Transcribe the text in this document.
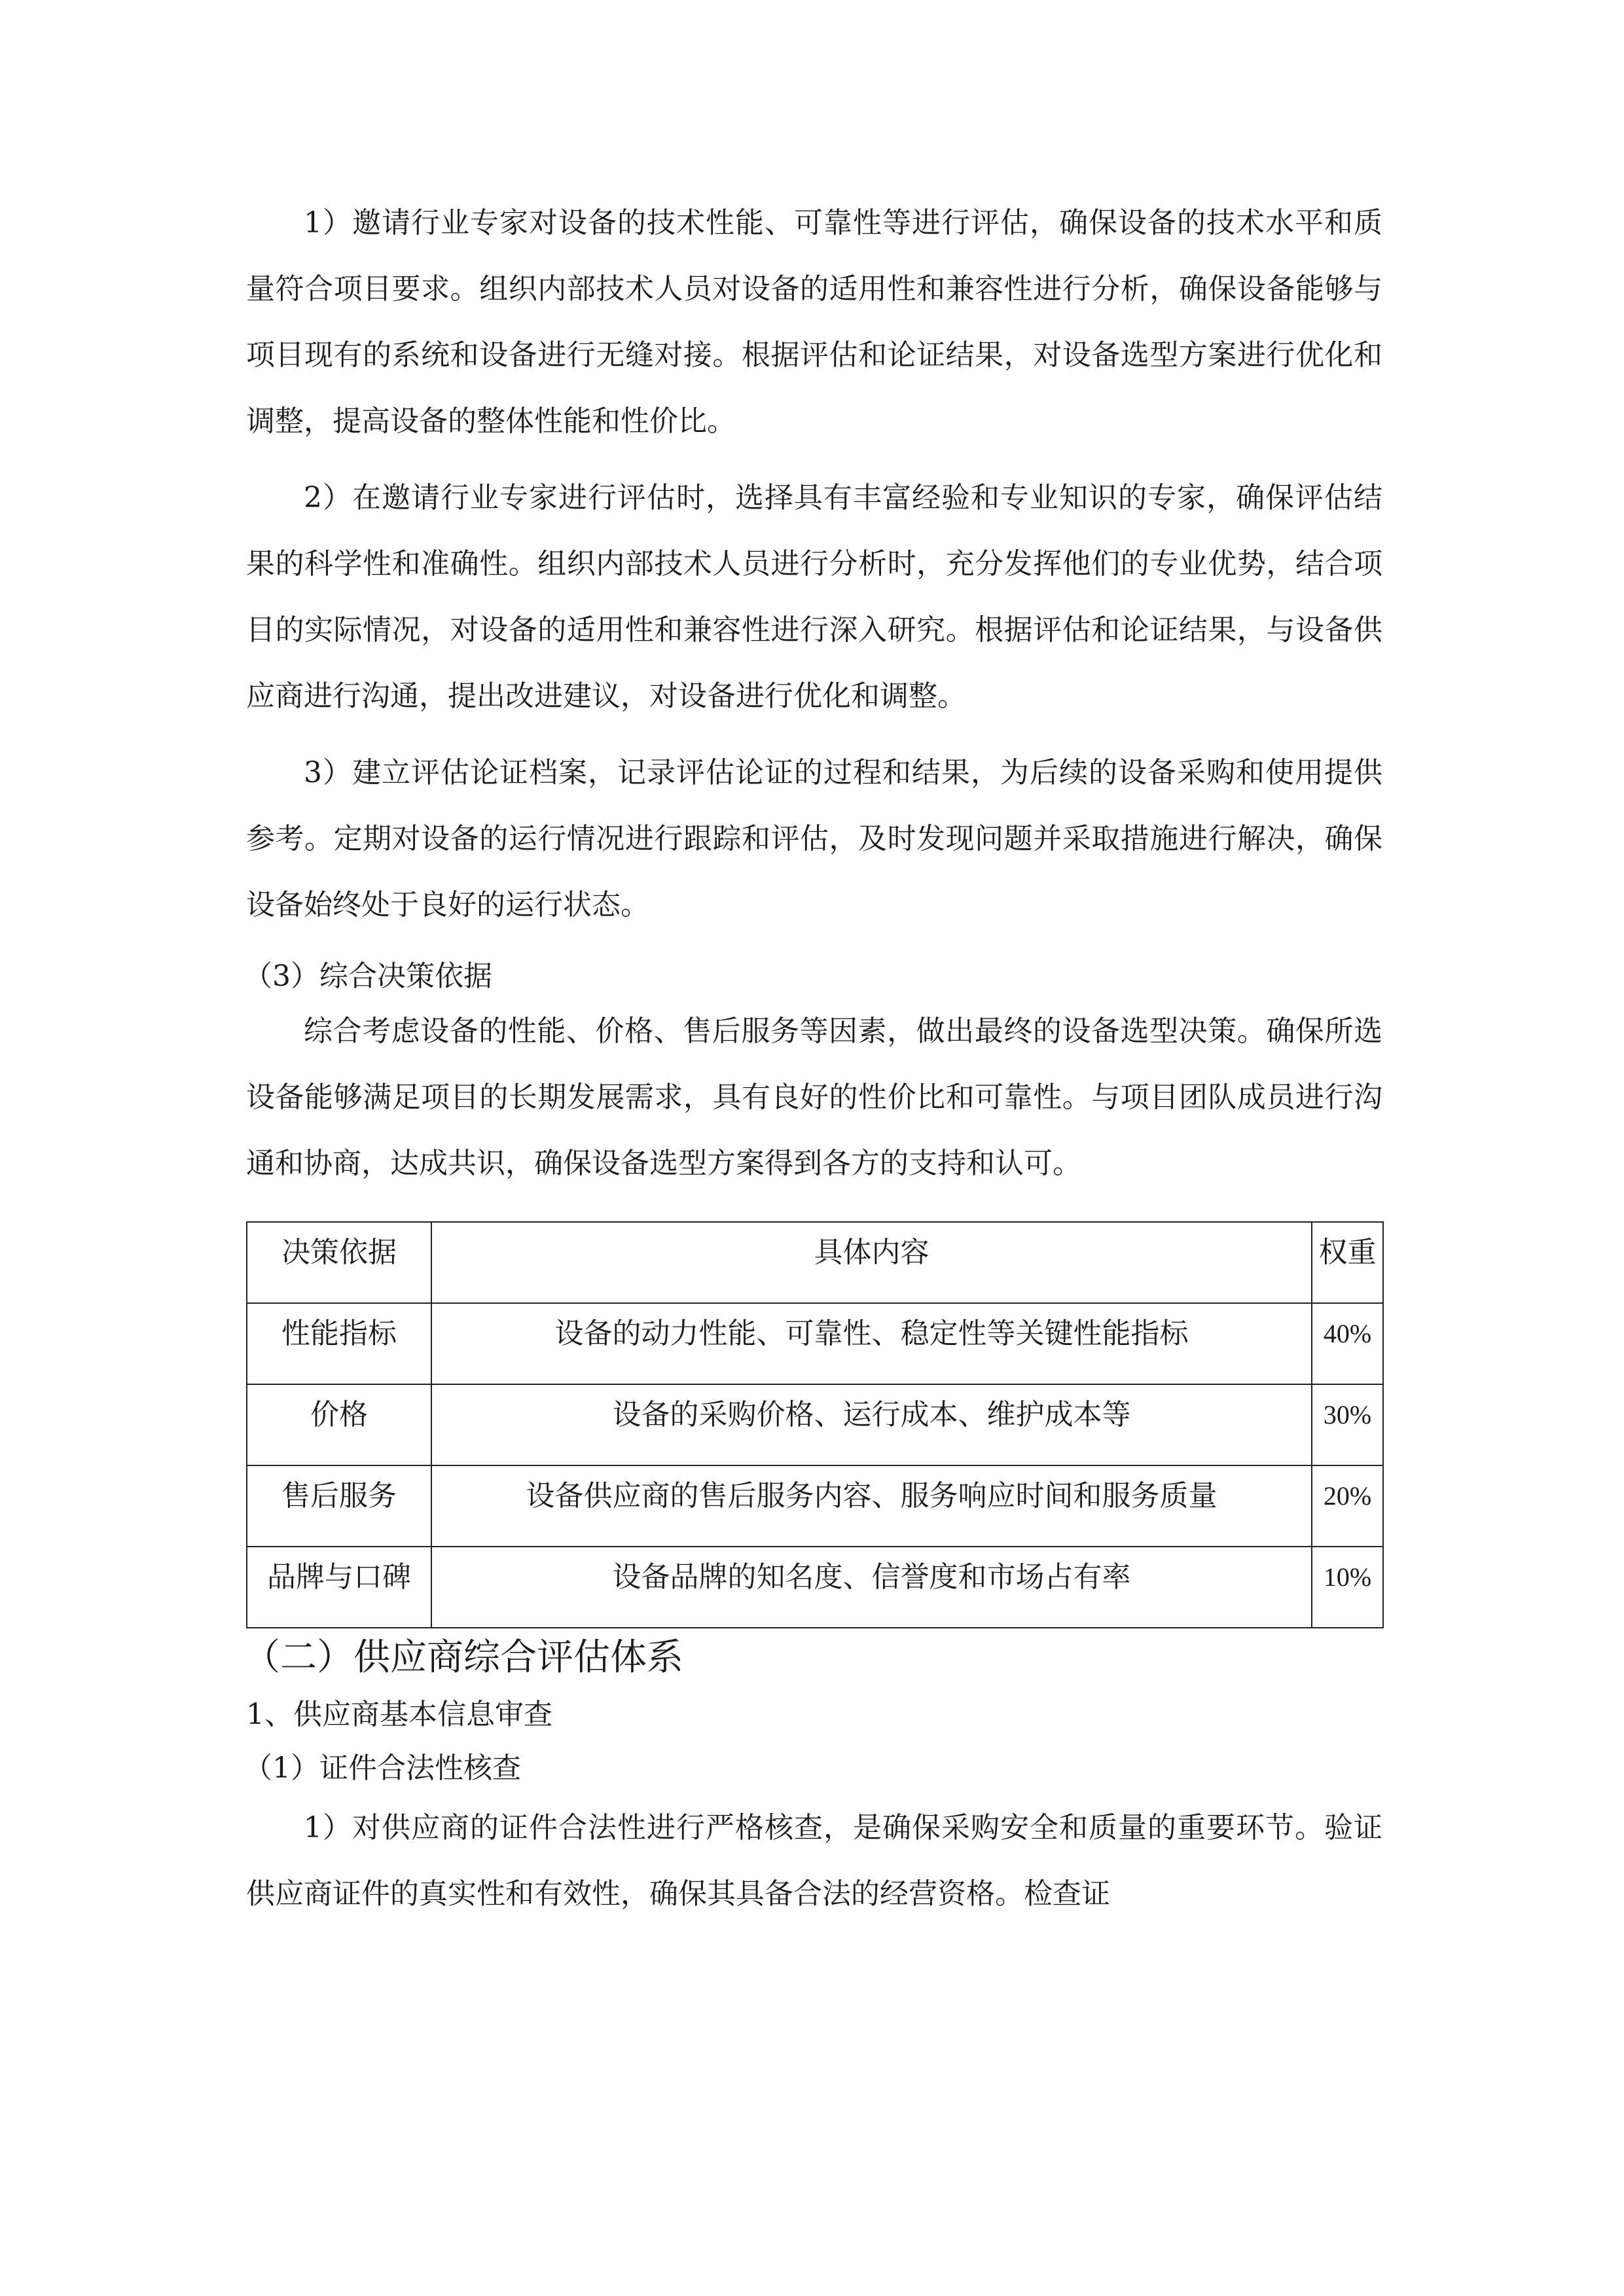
1）邀请行业专家对设备的技术性能、可靠性等进行评估，确保设备的技术水平和质量符合项目要求。组织内部技术人员对设备的适用性和兼容性进行分析，确保设备能够与项目现有的系统和设备进行无缝对接。根据评估和论证结果，对设备选型方案进行优化和调整，提高设备的整体性能和性价比。

2）在邀请行业专家进行评估时，选择具有丰富经验和专业知识的专家，确保评估结果的科学性和准确性。组织内部技术人员进行分析时，充分发挥他们的专业优势，结合项目的实际情况，对设备的适用性和兼容性进行深入研究。根据评估和论证结果，与设备供应商进行沟通，提出改进建议，对设备进行优化和调整。

3）建立评估论证档案，记录评估论证的过程和结果，为后续的设备采购和使用提供参考。定期对设备的运行情况进行跟踪和评估，及时发现问题并采取措施进行解决，确保设备始终处于良好的运行状态。

（3）综合决策依据

综合考虑设备的性能、价格、售后服务等因素，做出最终的设备选型决策。确保所选设备能够满足项目的长期发展需求，具有良好的性价比和可靠性。与项目团队成员进行沟通和协商，达成共识，确保设备选型方案得到各方的支持和认可。

决策依据	具体内容	权重

性能指标	设备的动力性能、可靠性、稳定性等关键性能指标	40%

价格	设备的采购价格、运行成本、维护成本等	30%

售后服务	设备供应商的售后服务内容、服务响应时间和服务质量	20%

品牌与口碑	设备品牌的知名度、信誉度和市场占有率	10%

（二）供应商综合评估体系

1、供应商基本信息审查

（1）证件合法性核查

1）对供应商的证件合法性进行严格核查，是确保采购安全和质量的重要环节。验证供应商证件的真实性和有效性，确保其具备合法的经营资格。检查证
